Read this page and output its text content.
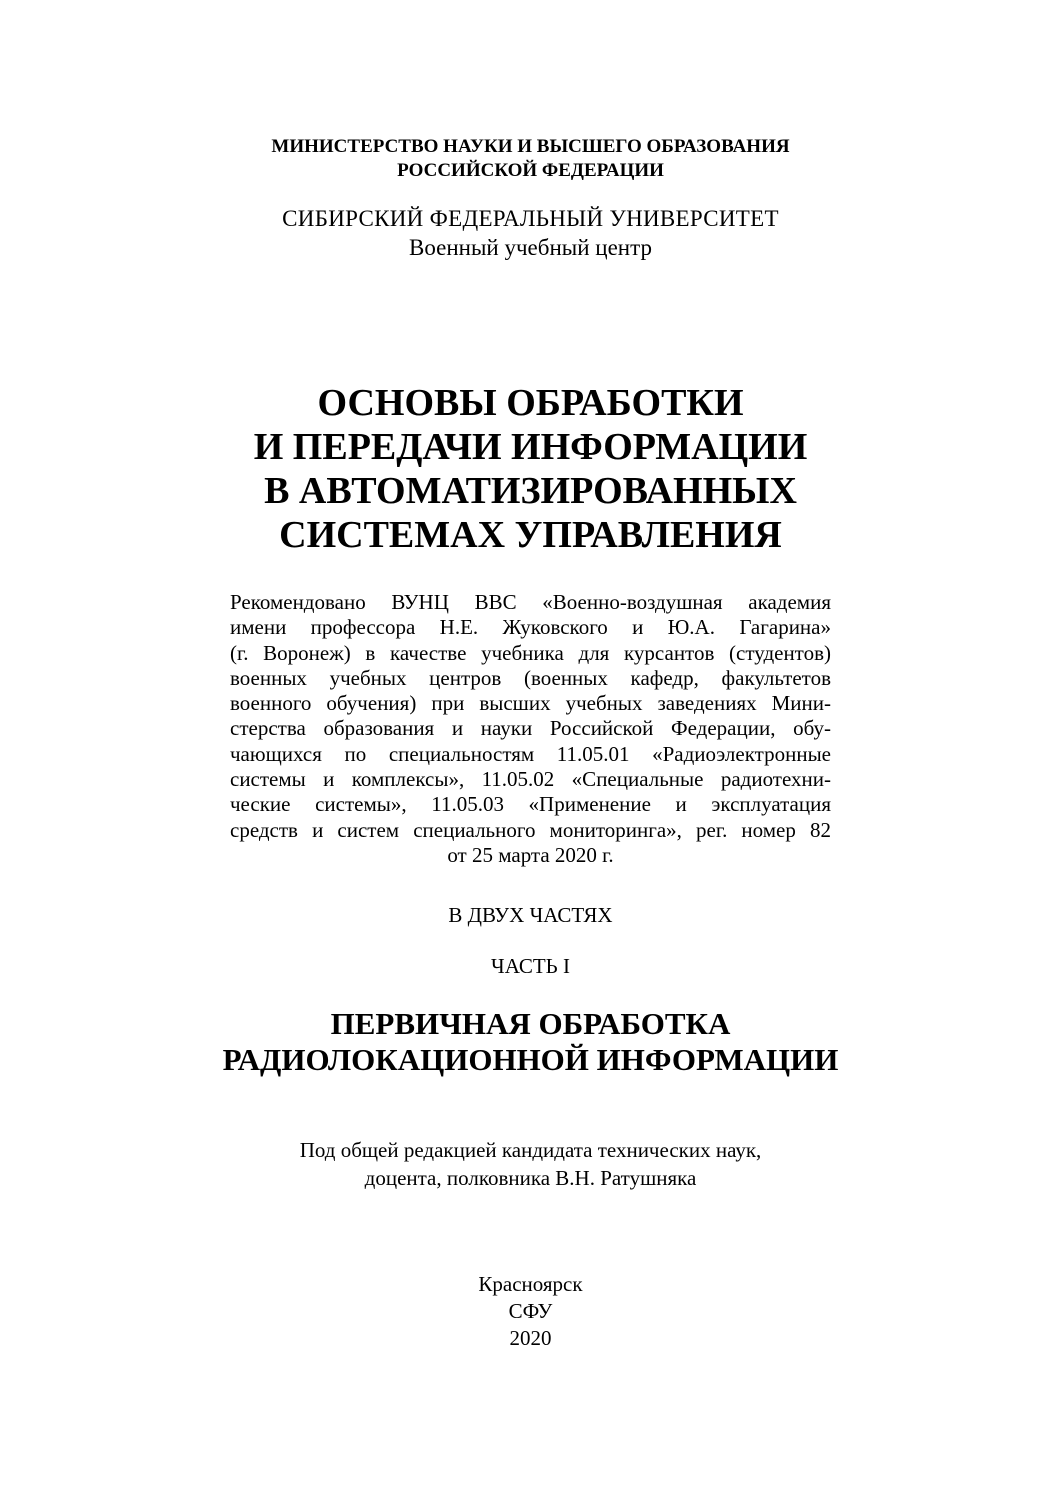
МИНИСТЕРСТВО НАУКИ И ВЫСШЕГО ОБРАЗОВАНИЯ
РОССИЙСКОЙ ФЕДЕРАЦИИ
СИБИРСКИЙ ФЕДЕРАЛЬНЫЙ УНИВЕРСИТЕТ
Военный учебный центр
ОСНОВЫ ОБРАБОТКИ
И ПЕРЕДАЧИ ИНФОРМАЦИИ
В АВТОМАТИЗИРОВАННЫХ
СИСТЕМАХ УПРАВЛЕНИЯ
Рекомендовано ВУНЦ ВВС «Военно-воздушная академия
имени профессора Н.Е. Жуковского и Ю.А. Гагарина»
(г. Воронеж) в качестве учебника для курсантов (студентов)
военных учебных центров (военных кафедр, факультетов
военного обучения) при высших учебных заведениях Мини-
стерства образования и науки Российской Федерации, обу-
чающихся по специальностям 11.05.01 «Радиоэлектронные
системы и комплексы», 11.05.02 «Специальные радиотехни-
ческие системы», 11.05.03 «Применение и эксплуатация
средств и систем специального мониторинга», рег. номер 82
от 25 марта 2020 г.
В ДВУХ ЧАСТЯХ
ЧАСТЬ I
ПЕРВИЧНАЯ ОБРАБОТКА
РАДИОЛОКАЦИОННОЙ ИНФОРМАЦИИ
Под общей редакцией кандидата технических наук,
доцента, полковника В.Н. Ратушняка
Красноярск
СФУ
2020
